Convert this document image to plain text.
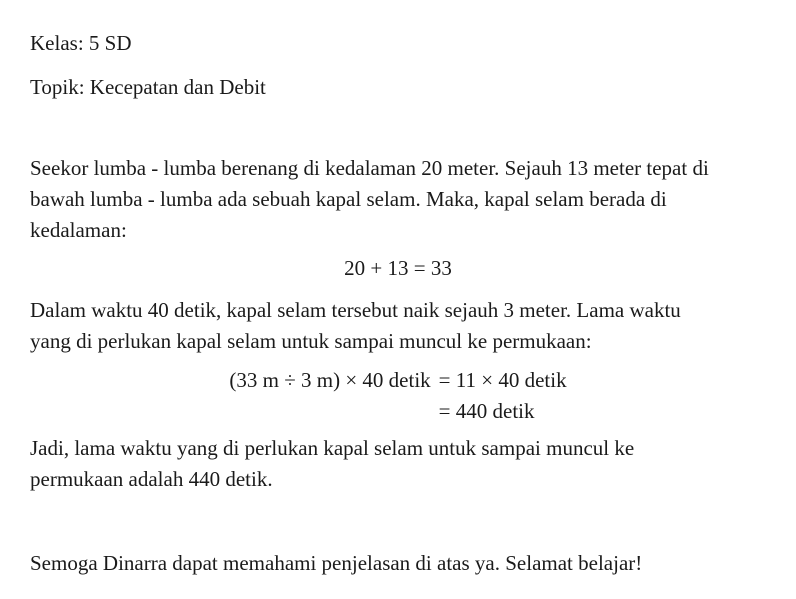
Kelas: 5 SD
Topik: Kecepatan dan Debit
Seekor lumba - lumba berenang di kedalaman 20 meter. Sejauh 13 meter tepat di
bawah lumba - lumba ada sebuah kapal selam. Maka, kapal selam berada di
kedalaman:
20 + 13 = 33
Dalam waktu 40 detik, kapal selam tersebut naik sejauh 3 meter. Lama waktu
yang di perlukan kapal selam untuk sampai muncul ke permukaan:
(33 m ÷ 3 m) × 40 detik = 11 × 40 detik
= 440 detik
Jadi, lama waktu yang di perlukan kapal selam untuk sampai muncul ke
permukaan adalah 440 detik.
Semoga Dinarra dapat memahami penjelasan di atas ya. Selamat belajar!
